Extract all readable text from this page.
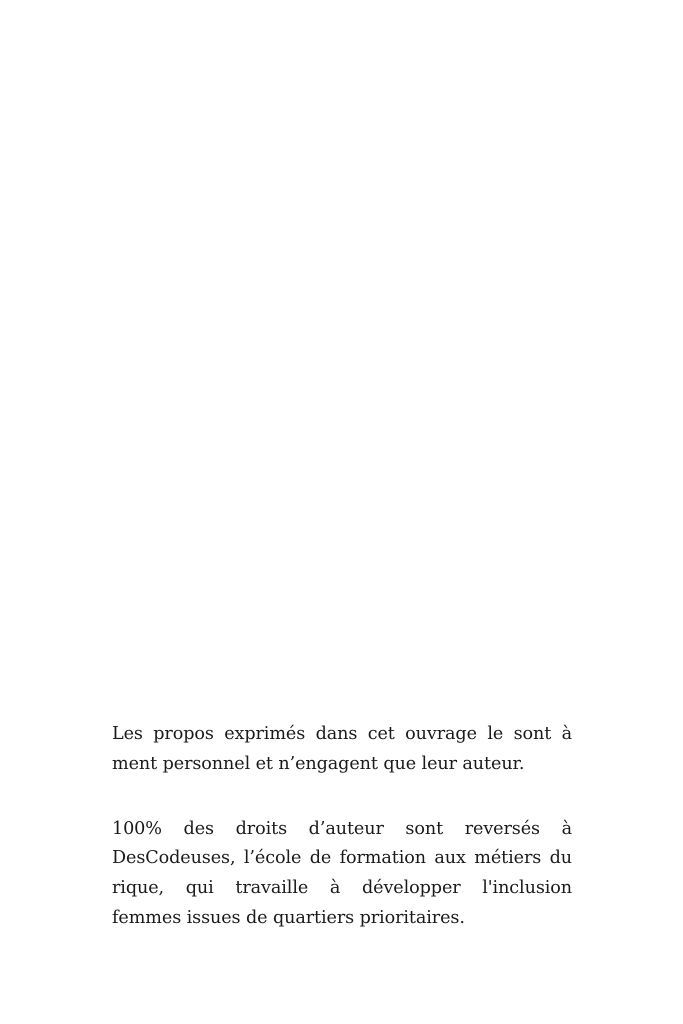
Les propos exprimés dans cet ouvrage le sont à
ment personnel et n’engagent que leur auteur.
100% des droits d’auteur sont reversés à
DesCodeuses, l’école de formation aux métiers du
rique, qui travaille à développer l'inclusion
femmes issues de quartiers prioritaires.
